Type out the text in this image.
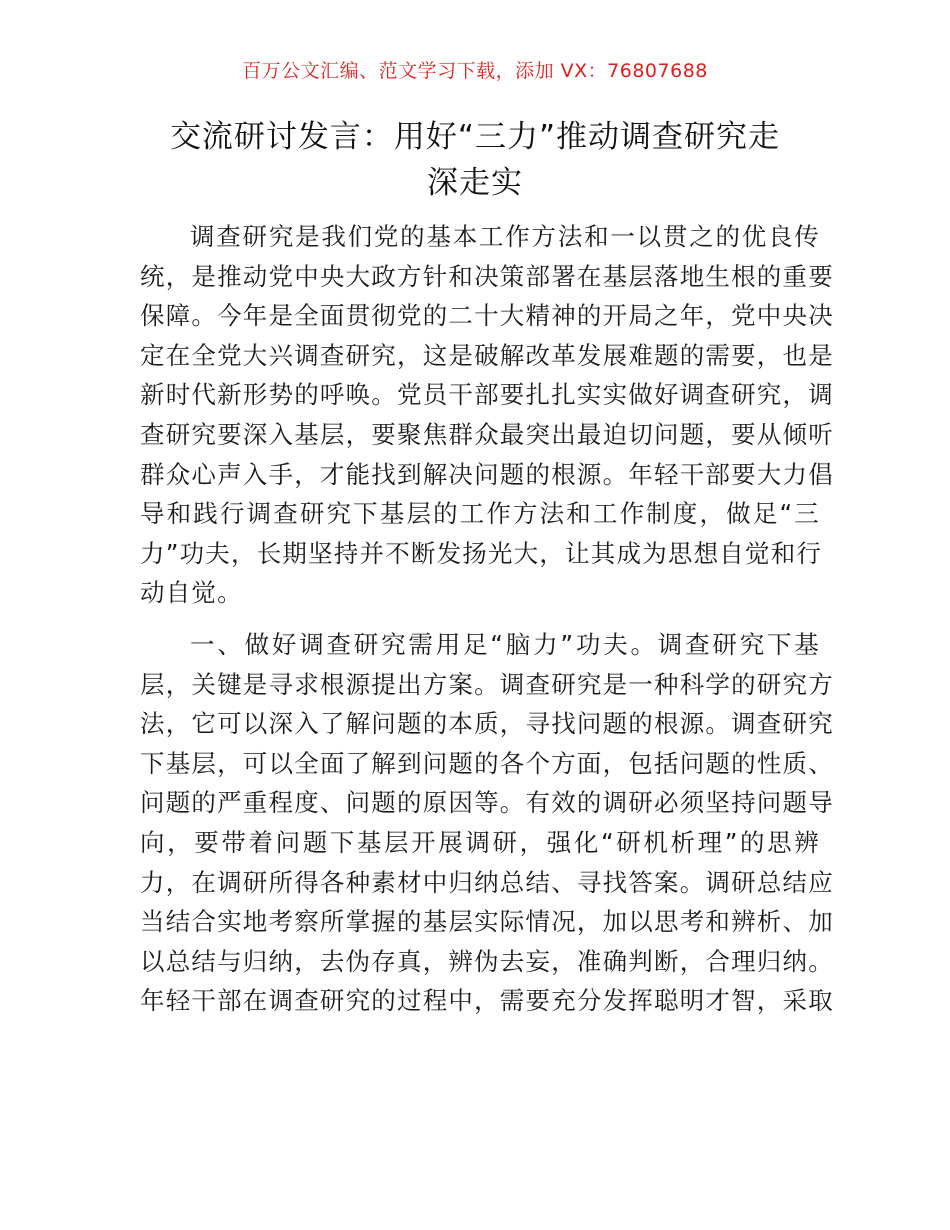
百万公文汇编、范文学习下载，添加 VX：76807688
交流研讨发言：用好“三力”推动调查研究走
深走实
调查研究是我们党的基本工作方法和一以贯之的优良传
统，是推动党中央大政方针和决策部署在基层落地生根的重要
保障。今年是全面贯彻党的二十大精神的开局之年，党中央决
定在全党大兴调查研究，这是破解改革发展难题的需要，也是
新时代新形势的呼唤。党员干部要扎扎实实做好调查研究，调
查研究要深入基层，要聚焦群众最突出最迫切问题，要从倾听
群众心声入手，才能找到解决问题的根源。年轻干部要大力倡
导和践行调查研究下基层的工作方法和工作制度，做足“三
力”功夫，长期坚持并不断发扬光大，让其成为思想自觉和行
动自觉。
一、做好调查研究需用足“脑力”功夫。调查研究下基
层，关键是寻求根源提出方案。调查研究是一种科学的研究方
法，它可以深入了解问题的本质，寻找问题的根源。调查研究
下基层，可以全面了解到问题的各个方面，包括问题的性质、
问题的严重程度、问题的原因等。有效的调研必须坚持问题导
向，要带着问题下基层开展调研，强化“研机析理”的思辨
力，在调研所得各种素材中归纳总结、寻找答案。调研总结应
当结合实地考察所掌握的基层实际情况，加以思考和辨析、加
以总结与归纳，去伪存真，辨伪去妄，准确判断，合理归纳。
年轻干部在调查研究的过程中，需要充分发挥聪明才智，采取
